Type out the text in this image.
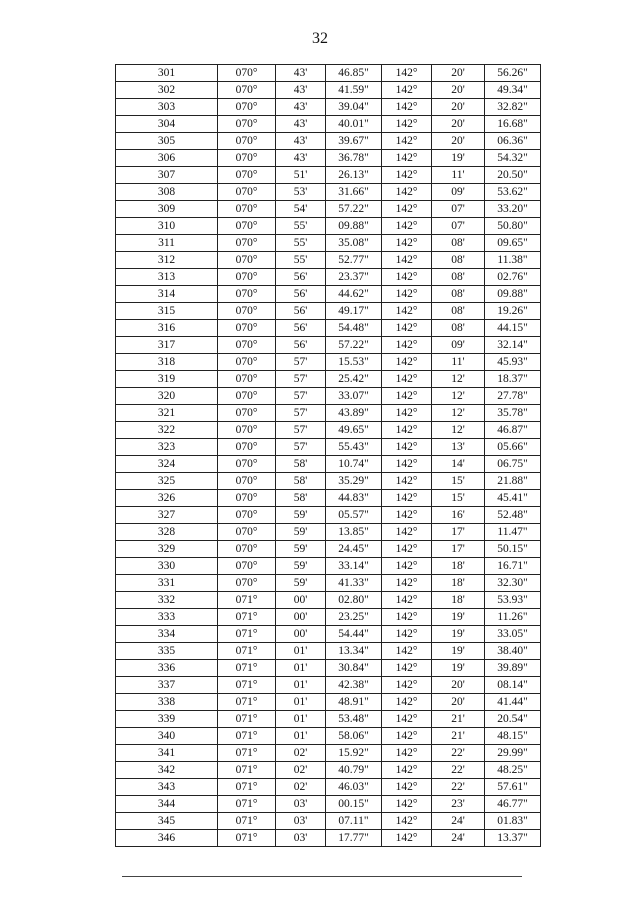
32
301	070°	43'	46.85"	142°	20'	56.26"
302	070°	43'	41.59"	142°	20'	49.34"
303	070°	43'	39.04"	142°	20'	32.82"
304	070°	43'	40.01"	142°	20'	16.68"
305	070°	43'	39.67"	142°	20'	06.36"
306	070°	43'	36.78"	142°	19'	54.32"
307	070°	51'	26.13"	142°	11'	20.50"
308	070°	53'	31.66"	142°	09'	53.62"
309	070°	54'	57.22"	142°	07'	33.20"
310	070°	55'	09.88"	142°	07'	50.80"
311	070°	55'	35.08"	142°	08'	09.65"
312	070°	55'	52.77"	142°	08'	11.38"
313	070°	56'	23.37"	142°	08'	02.76"
314	070°	56'	44.62"	142°	08'	09.88"
315	070°	56'	49.17"	142°	08'	19.26"
316	070°	56'	54.48"	142°	08'	44.15"
317	070°	56'	57.22"	142°	09'	32.14"
318	070°	57'	15.53"	142°	11'	45.93"
319	070°	57'	25.42"	142°	12'	18.37"
320	070°	57'	33.07"	142°	12'	27.78"
321	070°	57'	43.89"	142°	12'	35.78"
322	070°	57'	49.65"	142°	12'	46.87"
323	070°	57'	55.43"	142°	13'	05.66"
324	070°	58'	10.74"	142°	14'	06.75"
325	070°	58'	35.29"	142°	15'	21.88"
326	070°	58'	44.83"	142°	15'	45.41"
327	070°	59'	05.57"	142°	16'	52.48"
328	070°	59'	13.85"	142°	17'	11.47"
329	070°	59'	24.45"	142°	17'	50.15"
330	070°	59'	33.14"	142°	18'	16.71"
331	070°	59'	41.33"	142°	18'	32.30"
332	071°	00'	02.80"	142°	18'	53.93"
333	071°	00'	23.25"	142°	19'	11.26"
334	071°	00'	54.44"	142°	19'	33.05"
335	071°	01'	13.34"	142°	19'	38.40"
336	071°	01'	30.84"	142°	19'	39.89"
337	071°	01'	42.38"	142°	20'	08.14"
338	071°	01'	48.91"	142°	20'	41.44"
339	071°	01'	53.48"	142°	21'	20.54"
340	071°	01'	58.06"	142°	21'	48.15"
341	071°	02'	15.92"	142°	22'	29.99"
342	071°	02'	40.79"	142°	22'	48.25"
343	071°	02'	46.03"	142°	22'	57.61"
344	071°	03'	00.15"	142°	23'	46.77"
345	071°	03'	07.11"	142°	24'	01.83"
346	071°	03'	17.77"	142°	24'	13.37"
